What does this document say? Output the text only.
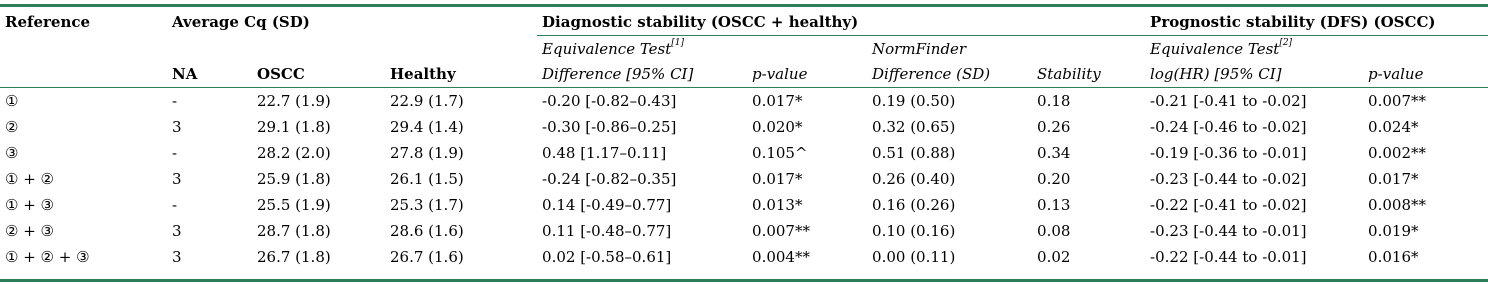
Reference	Average Cq (SD)			Diagnostic stability (OSCC + healthy)				Prognostic stability (DFS) (OSCC)	
				Equivalence Test[1]		NormFinder		Equivalence Test[2]
	NA	OSCC	Healthy	Difference [95% CI]	p-value	Difference (SD)	Stability	log(HR) [95% CI]	p-value
①	-	22.7 (1.9)	22.9 (1.7)	-0.20 [-0.82–0.43]	0.017*	0.19 (0.50)	0.18	-0.21 [-0.41 to -0.02]	0.007**
②	3	29.1 (1.8)	29.4 (1.4)	-0.30 [-0.86–0.25]	0.020*	0.32 (0.65)	0.26	-0.24 [-0.46 to -0.02]	0.024*
③	-	28.2 (2.0)	27.8 (1.9)	0.48 [1.17–0.11]	0.105^	0.51 (0.88)	0.34	-0.19 [-0.36 to -0.01]	0.002**
① + ②	3	25.9 (1.8)	26.1 (1.5)	-0.24 [-0.82–0.35]	0.017*	0.26 (0.40)	0.20	-0.23 [-0.44 to -0.02]	0.017*
① + ③	-	25.5 (1.9)	25.3 (1.7)	0.14 [-0.49–0.77]	0.013*	0.16 (0.26)	0.13	-0.22 [-0.41 to -0.02]	0.008**
② + ③	3	28.7 (1.8)	28.6 (1.6)	0.11 [-0.48–0.77]	0.007**	0.10 (0.16)	0.08	-0.23 [-0.44 to -0.01]	0.019*
① + ② + ③	3	26.7 (1.8)	26.7 (1.6)	0.02 [-0.58–0.61]	0.004**	0.00 (0.11)	0.02	-0.22 [-0.44 to -0.01]	0.016*
